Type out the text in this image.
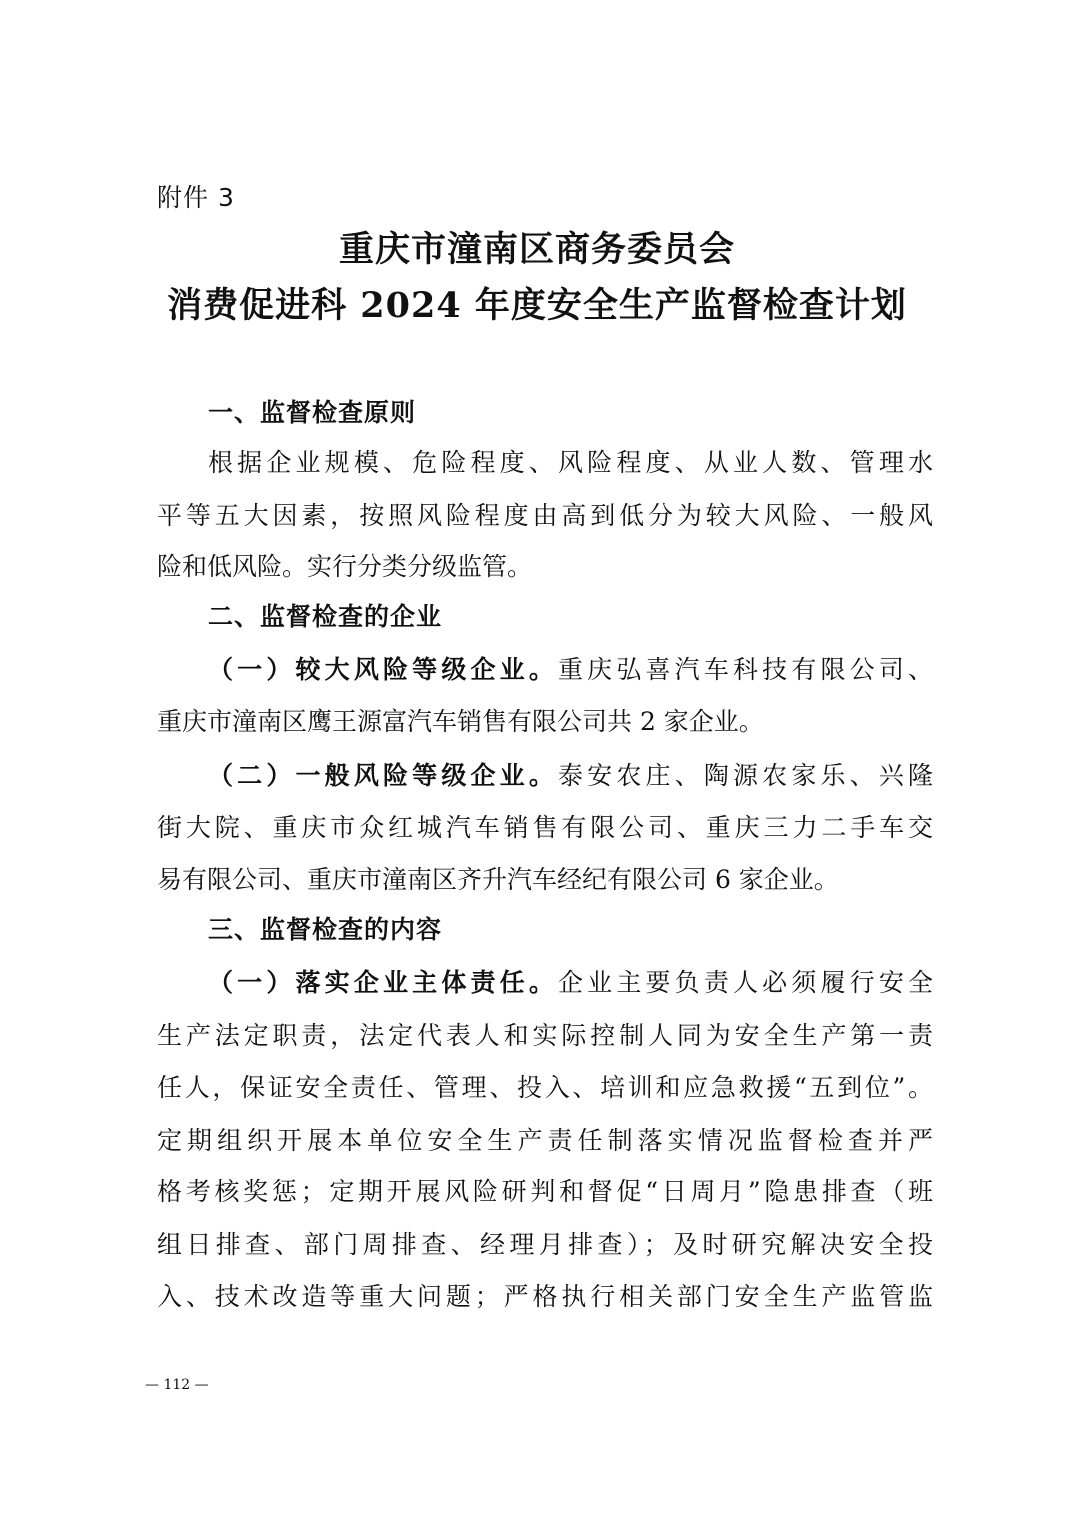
附件 3
重庆市潼南区商务委员会
消费促进科 2024 年度安全生产监督检查计划
一、监督检查原则
根据企业规模、危险程度、风险程度、从业人数、管理水
平等五大因素，按照风险程度由高到低分为较大风险、一般风
险和低风险。实行分类分级监管。
二、监督检查的企业
（一）较大风险等级企业。重庆弘喜汽车科技有限公司、
重庆市潼南区鹰王源富汽车销售有限公司共 2 家企业。
（二）一般风险等级企业。泰安农庄、陶源农家乐、兴隆
街大院、重庆市众红城汽车销售有限公司、重庆三力二手车交
易有限公司、重庆市潼南区齐升汽车经纪有限公司 6 家企业。
三、监督检查的内容
（一）落实企业主体责任。企业主要负责人必须履行安全
生产法定职责，法定代表人和实际控制人同为安全生产第一责
任人，保证安全责任、管理、投入、培训和应急救援“五到位”。
定期组织开展本单位安全生产责任制落实情况监督检查并严
格考核奖惩；定期开展风险研判和督促“日周月”隐患排查（班
组日排查、部门周排查、经理月排查）；及时研究解决安全投
入、技术改造等重大问题；严格执行相关部门安全生产监管监
— 112 —
